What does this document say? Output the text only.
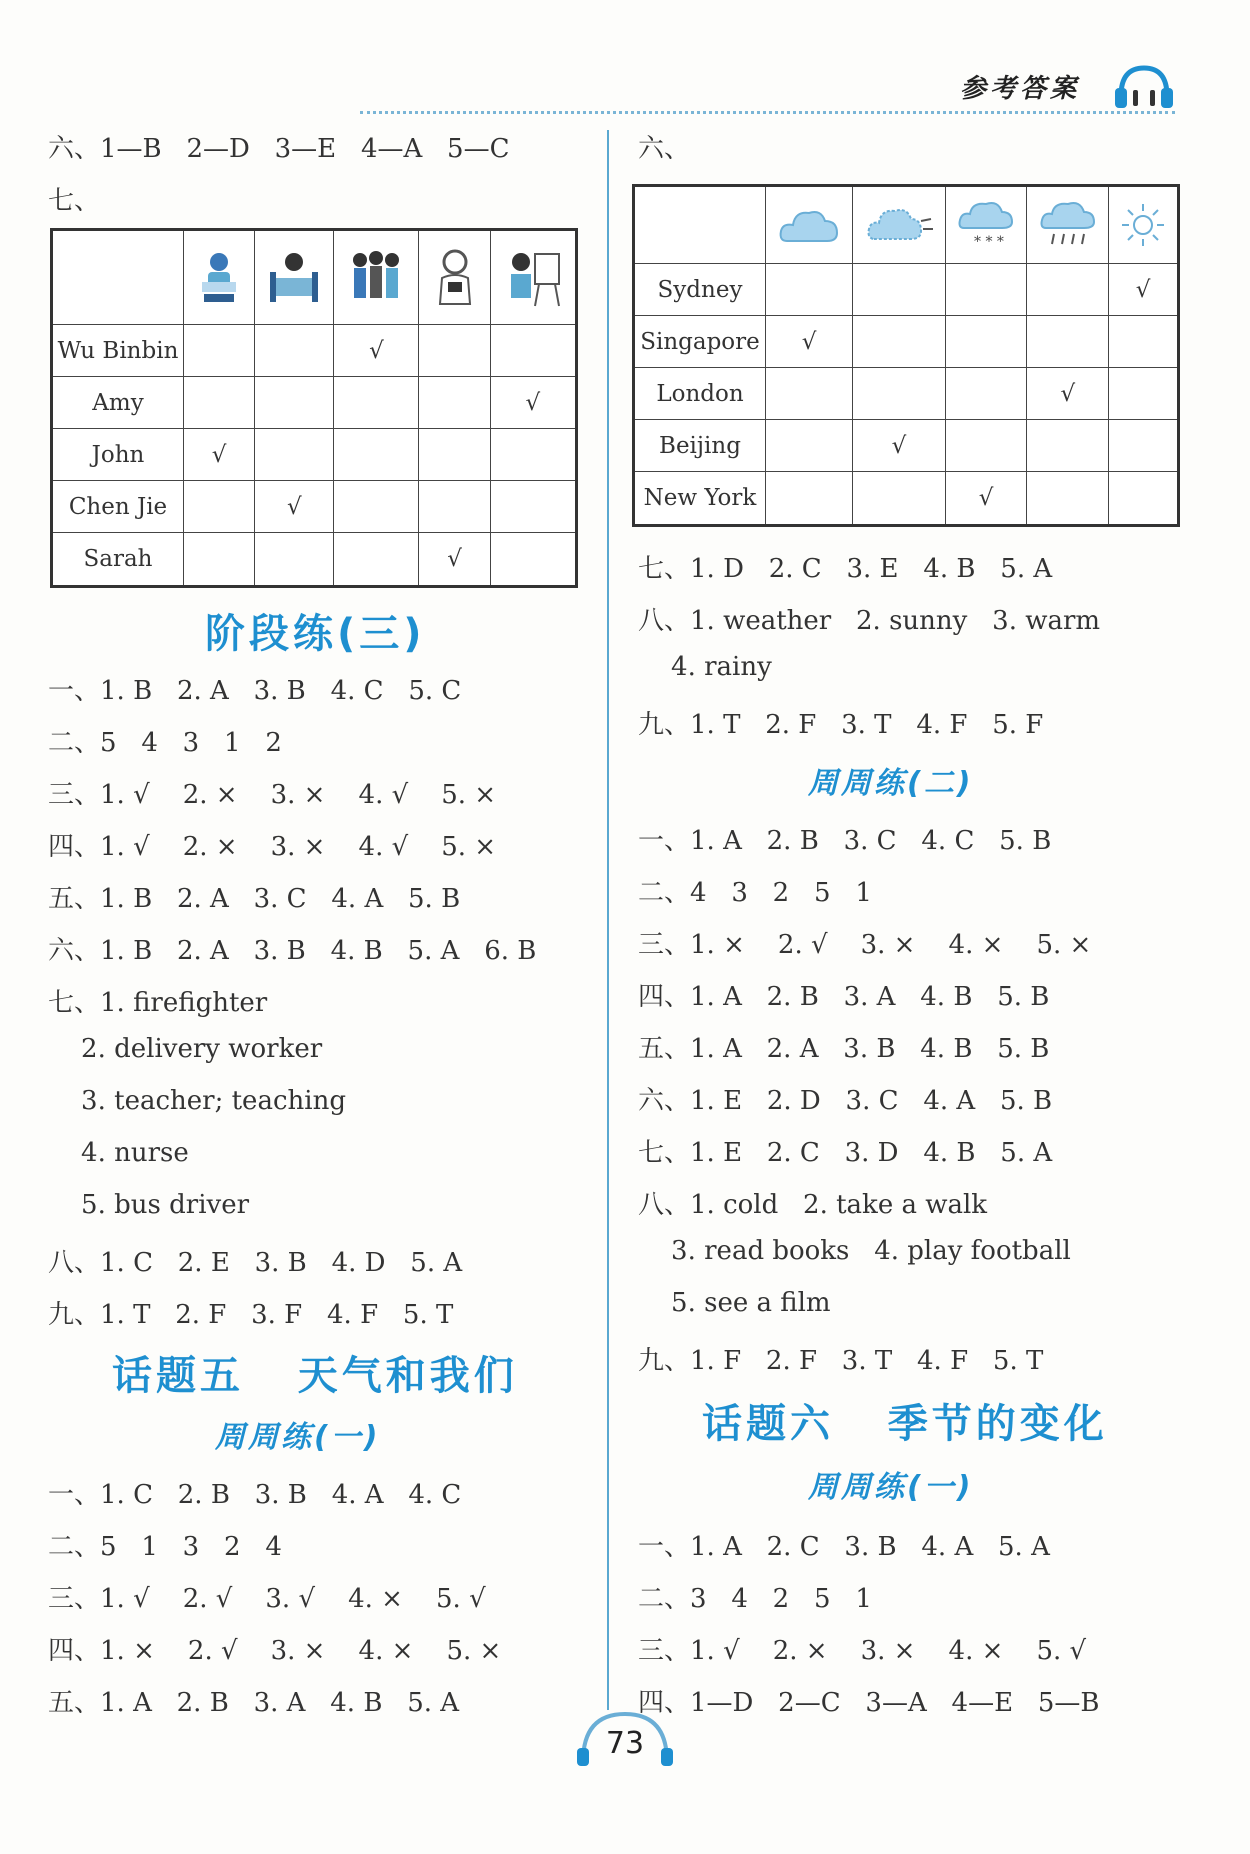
参考答案
六、1—B   2—D   3—E   4—A   5—C
七、

Wu Binbin			√		
Amy					√
John	√				
Chen Jie		√			
Sarah				√	
阶段练(三)
一、1. B   2. A   3. B   4. C   5. C
二、5   4   3   1   2
三、1. √    2. ×    3. ×    4. √    5. ×
四、1. √    2. ×    3. ×    4. √    5. ×
五、1. B   2. A   3. C   4. A   5. B
六、1. B   2. A   3. B   4. B   5. A   6. B
七、1. firefighter
2. delivery worker
3. teacher; teaching
4. nurse
5. bus driver
八、1. C   2. E   3. B   4. D   5. A
九、1. T   2. F   3. F   4. F   5. T
话题五   天气和我们
周周练(一)
一、1. C   2. B   3. B   4. A   4. C
二、5   1   3   2   4
三、1. √    2. √    3. √    4. ×    5. √
四、1. ×    2. √    3. ×    4. ×    5. ×
五、1. A   2. B   3. A   4. B   5. A
六、

* * *

Sydney					√
Singapore	√				
London				√	
Beijing		√			
New York			√		
七、1. D   2. C   3. E   4. B   5. A
八、1. weather   2. sunny   3. warm
4. rainy
九、1. T   2. F   3. T   4. F   5. F
周周练(二)
一、1. A   2. B   3. C   4. C   5. B
二、4   3   2   5   1
三、1. ×    2. √    3. ×    4. ×    5. ×
四、1. A   2. B   3. A   4. B   5. B
五、1. A   2. A   3. B   4. B   5. B
六、1. E   2. D   3. C   4. A   5. B
七、1. E   2. C   3. D   4. B   5. A
八、1. cold   2. take a walk
3. read books   4. play football
5. see a film
九、1. F   2. F   3. T   4. F   5. T
话题六   季节的变化
周周练(一)
一、1. A   2. C   3. B   4. A   5. A
二、3   4   2   5   1
三、1. √    2. ×    3. ×    4. ×    5. √
四、1—D   2—C   3—A   4—E   5—B
73
